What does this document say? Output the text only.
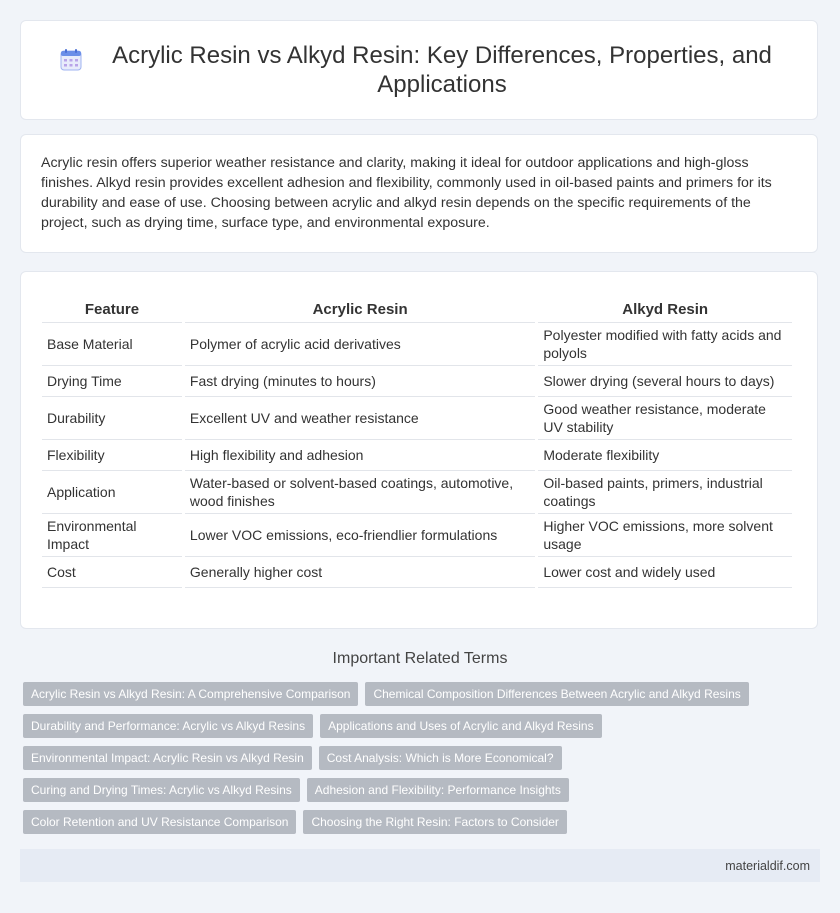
Acrylic Resin vs Alkyd Resin: Key Differences, Properties, and Applications

Acrylic resin offers superior weather resistance and clarity, making it ideal for outdoor applications and high-gloss finishes. Alkyd resin provides excellent adhesion and flexibility, commonly used in oil-based paints and primers for its durability and ease of use. Choosing between acrylic and alkyd resin depends on the specific requirements of the project, such as drying time, surface type, and environmental exposure.

Feature	Acrylic Resin	Alkyd Resin
Base Material	Polymer of acrylic acid derivatives	Polyester modified with fatty acids and polyols
Drying Time	Fast drying (minutes to hours)	Slower drying (several hours to days)
Durability	Excellent UV and weather resistance	Good weather resistance, moderate UV stability
Flexibility	High flexibility and adhesion	Moderate flexibility
Application	Water-based or solvent-based coatings, automotive, wood finishes	Oil-based paints, primers, industrial coatings
Environmental Impact	Lower VOC emissions, eco-friendlier formulations	Higher VOC emissions, more solvent usage
Cost	Generally higher cost	Lower cost and widely used
Important Related Terms
Acrylic Resin vs Alkyd Resin: A Comprehensive Comparison	Chemical Composition Differences Between Acrylic and Alkyd Resins
Durability and Performance: Acrylic vs Alkyd Resins	Applications and Uses of Acrylic and Alkyd Resins
Environmental Impact: Acrylic Resin vs Alkyd Resin	Cost Analysis: Which is More Economical?
Curing and Drying Times: Acrylic vs Alkyd Resins	Adhesion and Flexibility: Performance Insights
Color Retention and UV Resistance Comparison	Choosing the Right Resin: Factors to Consider
materialdif.com
